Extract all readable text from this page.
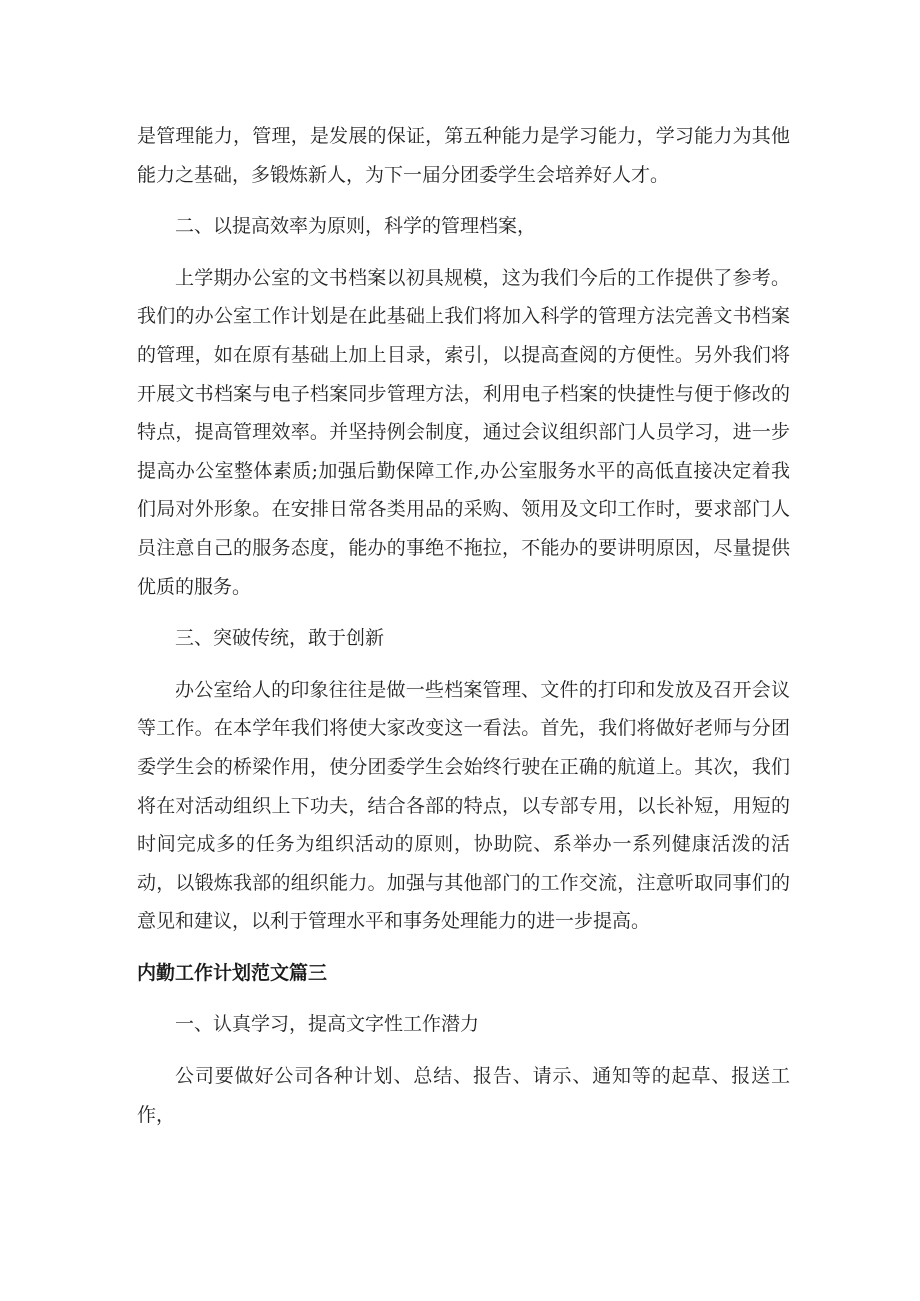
是管理能力，管理，是发展的保证，第五种能力是学习能力，学习能力为其他能力之基础，多锻炼新人，为下一届分团委学生会培养好人才。

二、以提高效率为原则，科学的管理档案，

上学期办公室的文书档案以初具规模，这为我们今后的工作提供了参考。我们的办公室工作计划是在此基础上我们将加入科学的管理方法完善文书档案的管理，如在原有基础上加上目录，索引，以提高查阅的方便性。另外我们将开展文书档案与电子档案同步管理方法，利用电子档案的快捷性与便于修改的特点，提高管理效率。并坚持例会制度，通过会议组织部门人员学习，进一步提高办公室整体素质;加强后勤保障工作,办公室服务水平的高低直接决定着我们局对外形象。在安排日常各类用品的采购、领用及文印工作时，要求部门人员注意自己的服务态度，能办的事绝不拖拉，不能办的要讲明原因，尽量提供优质的服务。

三、突破传统，敢于创新

办公室给人的印象往往是做一些档案管理、文件的打印和发放及召开会议等工作。在本学年我们将使大家改变这一看法。首先，我们将做好老师与分团委学生会的桥梁作用，使分团委学生会始终行驶在正确的航道上。其次，我们将在对活动组织上下功夫，结合各部的特点，以专部专用，以长补短，用短的时间完成多的任务为组织活动的原则，协助院、系举办一系列健康活泼的活动，以锻炼我部的组织能力。加强与其他部门的工作交流，注意听取同事们的意见和建议，以利于管理水平和事务处理能力的进一步提高。

内勤工作计划范文篇三

一、认真学习，提高文字性工作潜力

公司要做好公司各种计划、总结、报告、请示、通知等的起草、报送工作，
